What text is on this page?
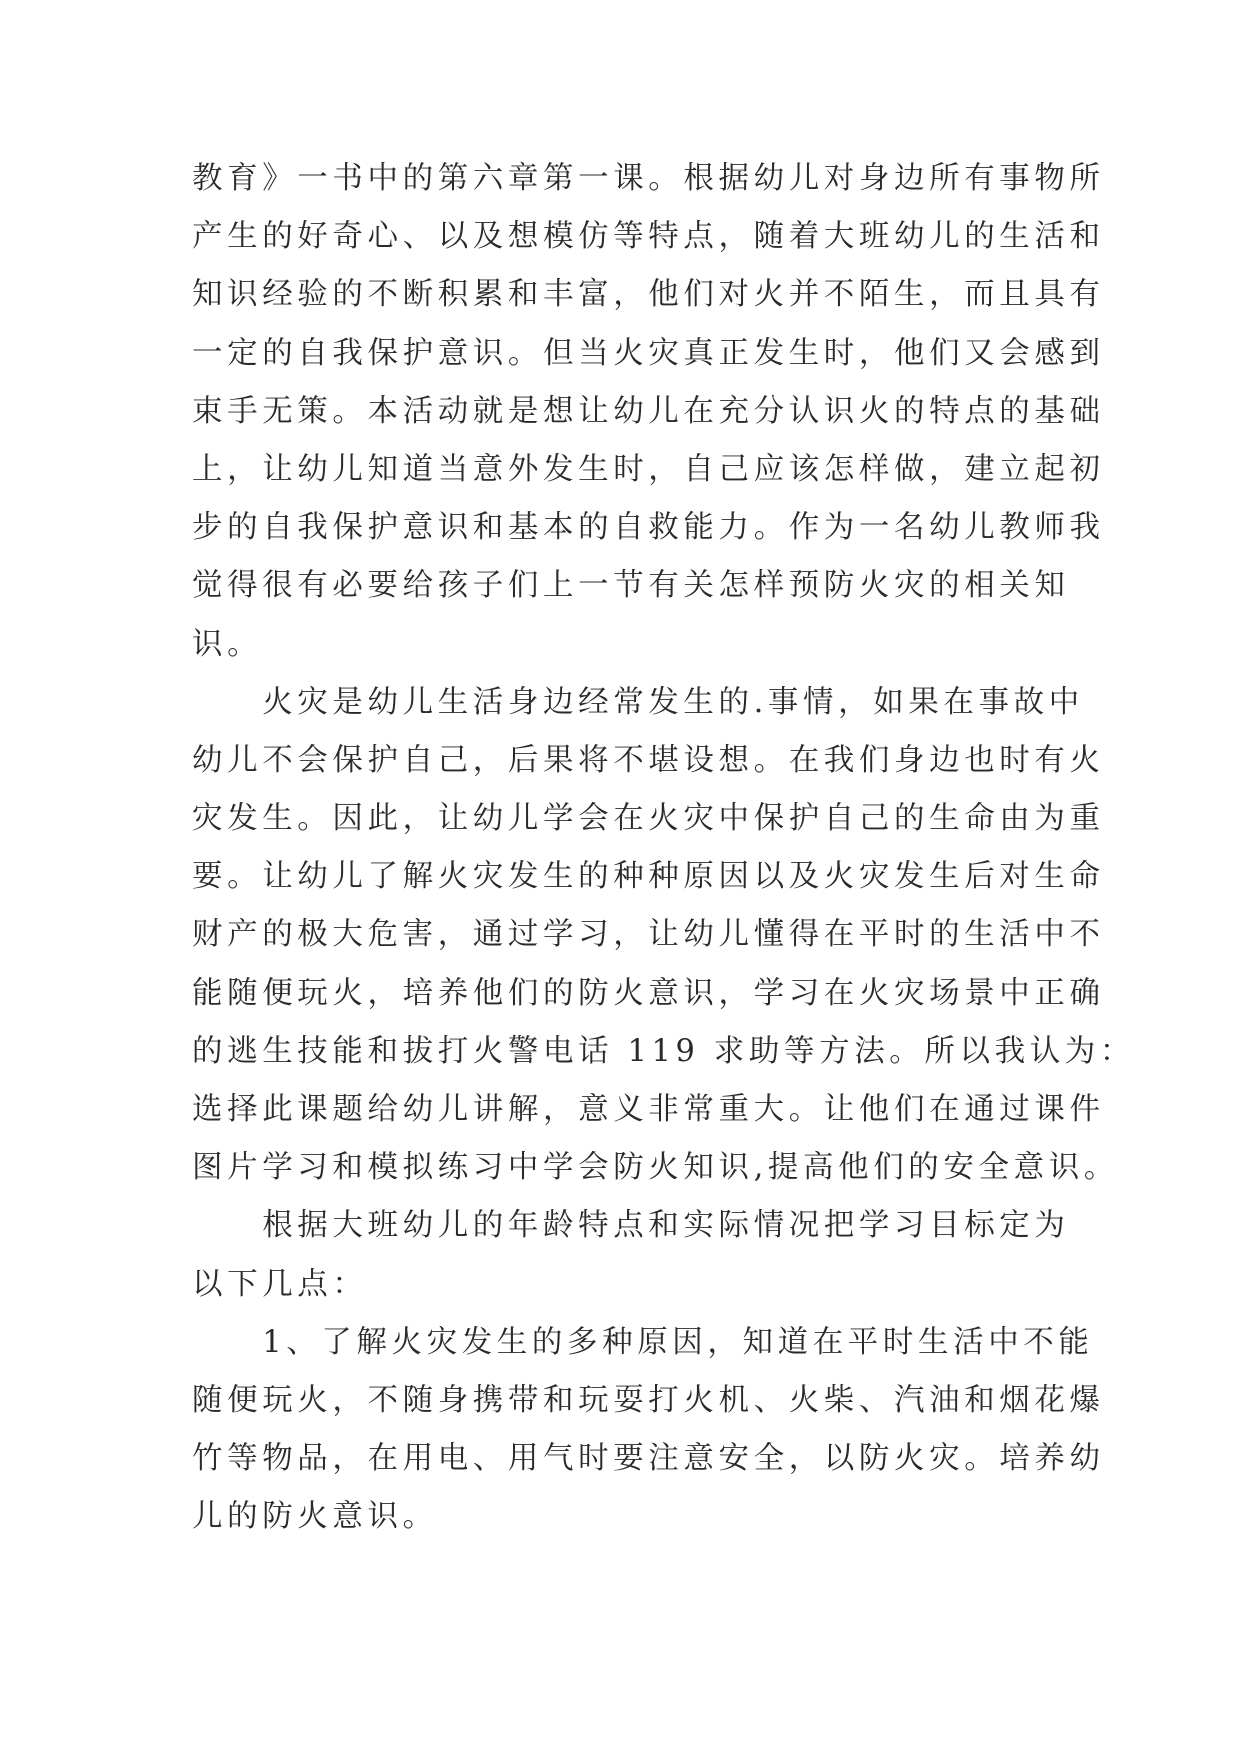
教育》一书中的第六章第一课。根据幼儿对身边所有事物所
产生的好奇心、以及想模仿等特点，随着大班幼儿的生活和
知识经验的不断积累和丰富，他们对火并不陌生，而且具有
一定的自我保护意识。但当火灾真正发生时，他们又会感到
束手无策。本活动就是想让幼儿在充分认识火的特点的基础
上，让幼儿知道当意外发生时，自己应该怎样做，建立起初
步的自我保护意识和基本的自救能力。作为一名幼儿教师我
觉得很有必要给孩子们上一节有关怎样预防火灾的相关知
识。
　　火灾是幼儿生活身边经常发生的.事情，如果在事故中
幼儿不会保护自己，后果将不堪设想。在我们身边也时有火
灾发生。因此，让幼儿学会在火灾中保护自己的生命由为重
要。让幼儿了解火灾发生的种种原因以及火灾发生后对生命
财产的极大危害，通过学习，让幼儿懂得在平时的生活中不
能随便玩火，培养他们的防火意识，学习在火灾场景中正确
的逃生技能和拔打火警电话 119 求助等方法。所以我认为：
选择此课题给幼儿讲解，意义非常重大。让他们在通过课件
图片学习和模拟练习中学会防火知识,提高他们的安全意识。
　　根据大班幼儿的年龄特点和实际情况把学习目标定为
以下几点：
　　1、了解火灾发生的多种原因，知道在平时生活中不能
随便玩火，不随身携带和玩耍打火机、火柴、汽油和烟花爆
竹等物品，在用电、用气时要注意安全，以防火灾。培养幼
儿的防火意识。
